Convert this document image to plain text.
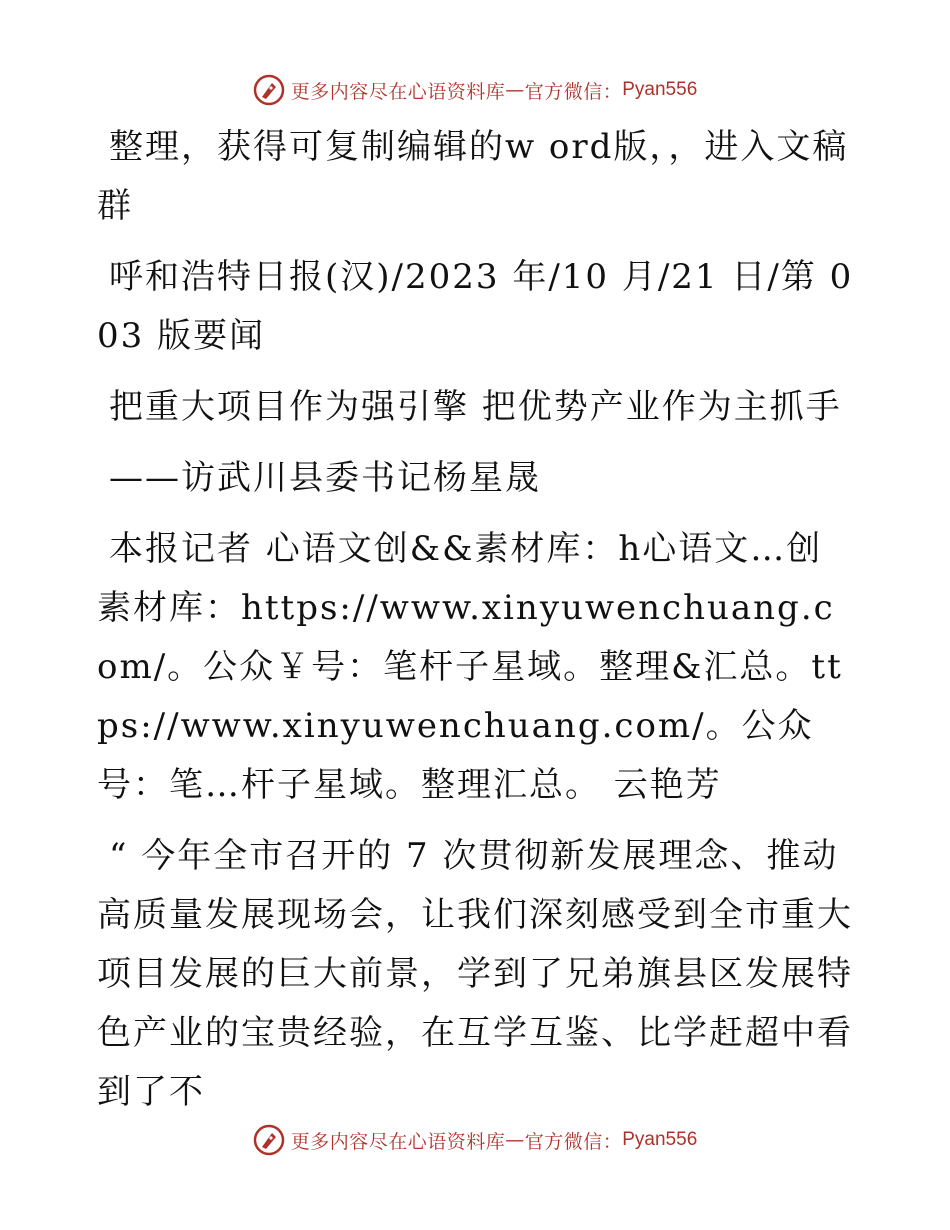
更多内容尽在心语资料库 — 官方微信： Pyan556

整理，获得可复制编辑的w ord版，，进入文稿群

呼和浩特日报(汉)/2023 年/10 月/21 日/第 003 版要闻

把重大项目作为强引擎 把优势产业作为主抓手

——访武川县委书记杨星晟

本报记者 心语文创&&素材库：h心语文…创素材库：https://www.xinyuwenchuang.com/。公众￥号：笔杆子星域。整理&汇总。ttps://www.xinyuwenchuang.com/。公众号：笔…杆子星域。整理汇总。 云艳芳

“ 今年全市召开的 7 次贯彻新发展理念、推动高质量发展现场会，让我们深刻感受到全市重大项目发展的巨大前景，学到了兄弟旗县区发展特色产业的宝贵经验，在互学互鉴、比学赶超中看到了不

更多内容尽在心语资料库 — 官方微信： Pyan556
